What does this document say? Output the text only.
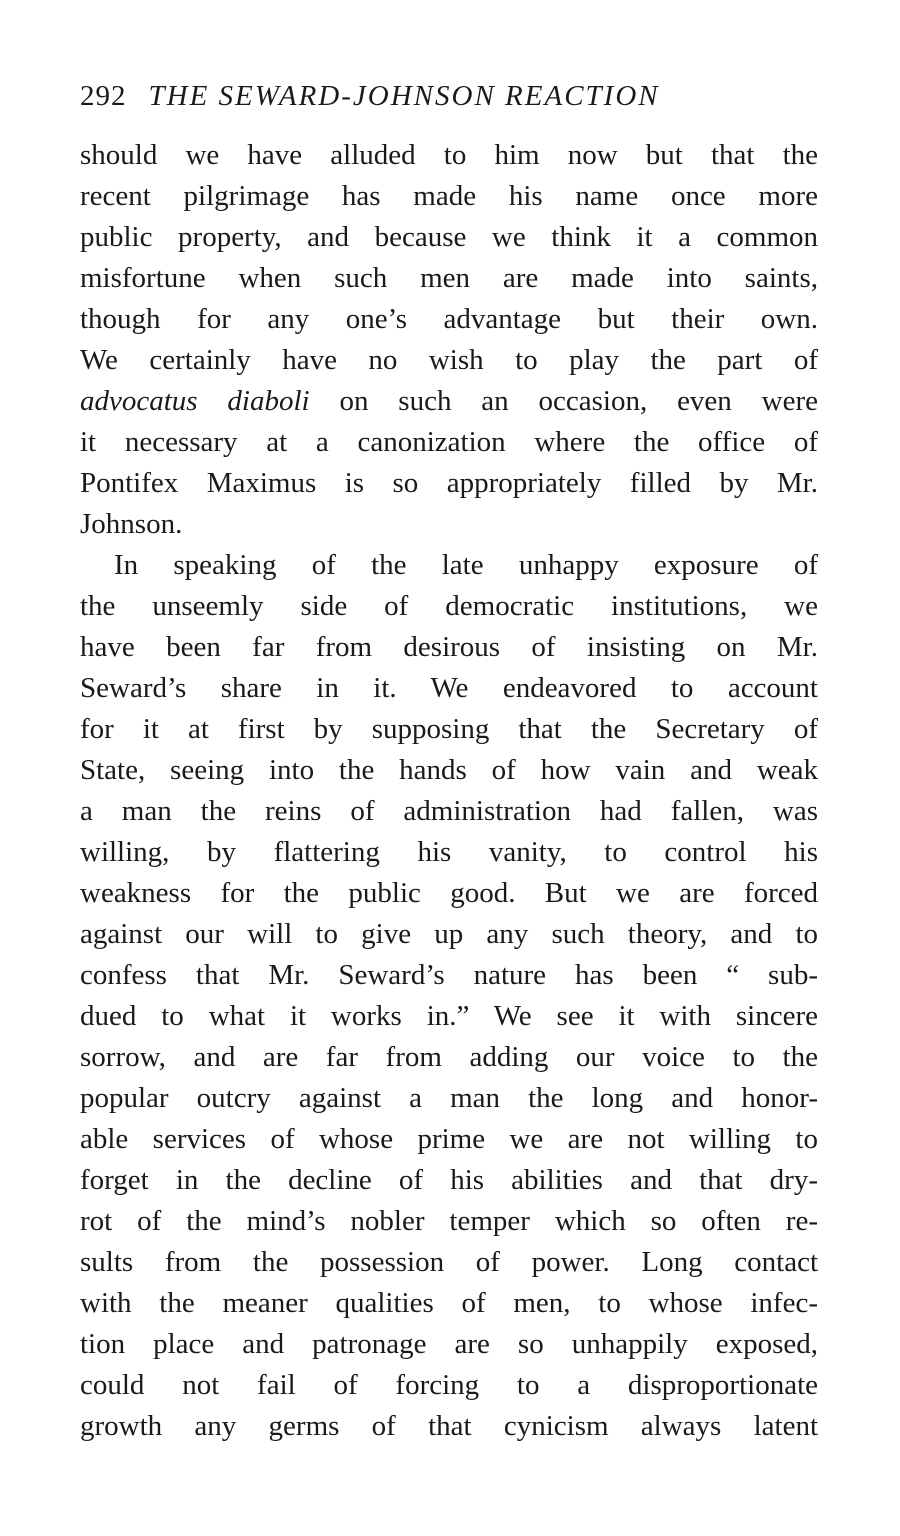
292 THE SEWARD-JOHNSON REACTION
should we have alluded to him now but that the
recent pilgrimage has made his name once more
public property, and because we think it a common
misfortune when such men are made into saints,
though for any one’s advantage but their own.
We certainly have no wish to play the part of
advocatus diaboli on such an occasion, even were
it necessary at a canonization where the office of
Pontifex Maximus is so appropriately filled by Mr.
Johnson.
In speaking of the late unhappy exposure of
the unseemly side of democratic institutions, we
have been far from desirous of insisting on Mr.
Seward’s share in it. We endeavored to account
for it at first by supposing that the Secretary of
State, seeing into the hands of how vain and weak
a man the reins of administration had fallen, was
willing, by flattering his vanity, to control his
weakness for the public good. But we are forced
against our will to give up any such theory, and to
confess that Mr. Seward’s nature has been “ sub-
dued to what it works in.” We see it with sincere
sorrow, and are far from adding our voice to the
popular outcry against a man the long and honor-
able services of whose prime we are not willing to
forget in the decline of his abilities and that dry-
rot of the mind’s nobler temper which so often re-
sults from the possession of power. Long contact
with the meaner qualities of men, to whose infec-
tion place and patronage are so unhappily exposed,
could not fail of forcing to a disproportionate
growth any germs of that cynicism always latent
